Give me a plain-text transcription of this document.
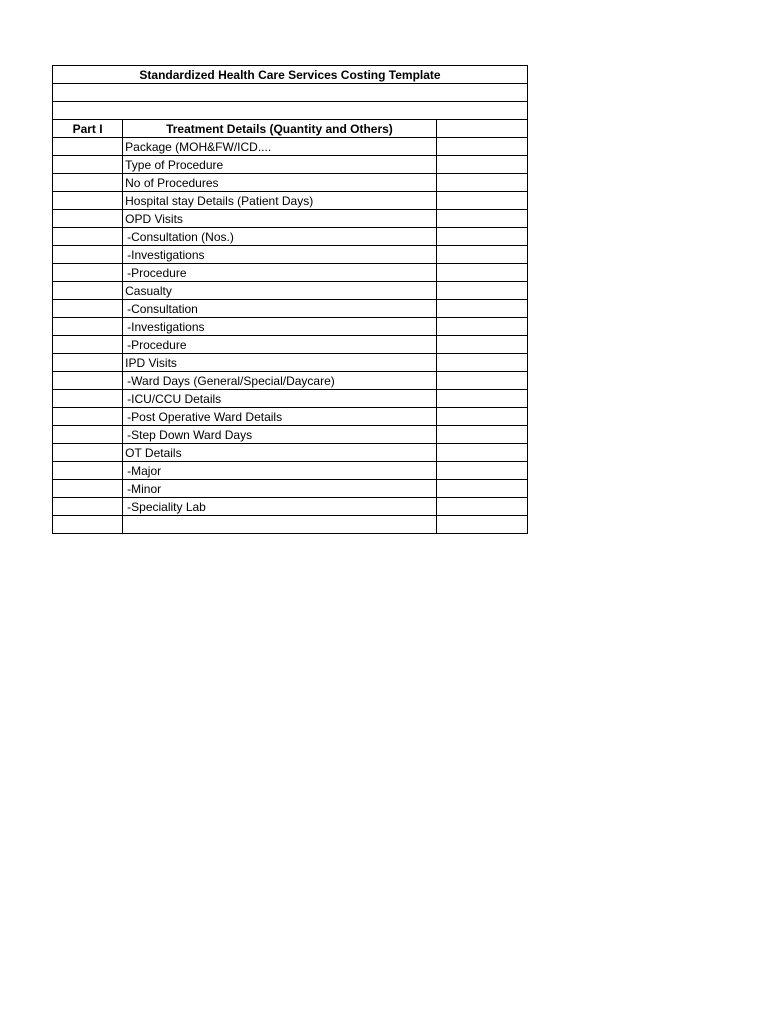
Standardized Health Care Services Costing Template		

Part I	Treatment Details (Quantity and Others)	
	Package (MOH&FW/ICD....	
	Type of Procedure	
	No of Procedures	
	Hospital stay Details (Patient Days)	
	OPD Visits	
	-Consultation (Nos.)	
	-Investigations	
	-Procedure	
	Casualty	
	-Consultation	
	-Investigations	
	-Procedure	
	IPD Visits	
	-Ward Days (General/Special/Daycare)	
	-ICU/CCU Details	
	-Post Operative Ward Details	
	-Step Down Ward Days	
	OT Details	
	-Major	
	-Minor	
	-Speciality Lab	
